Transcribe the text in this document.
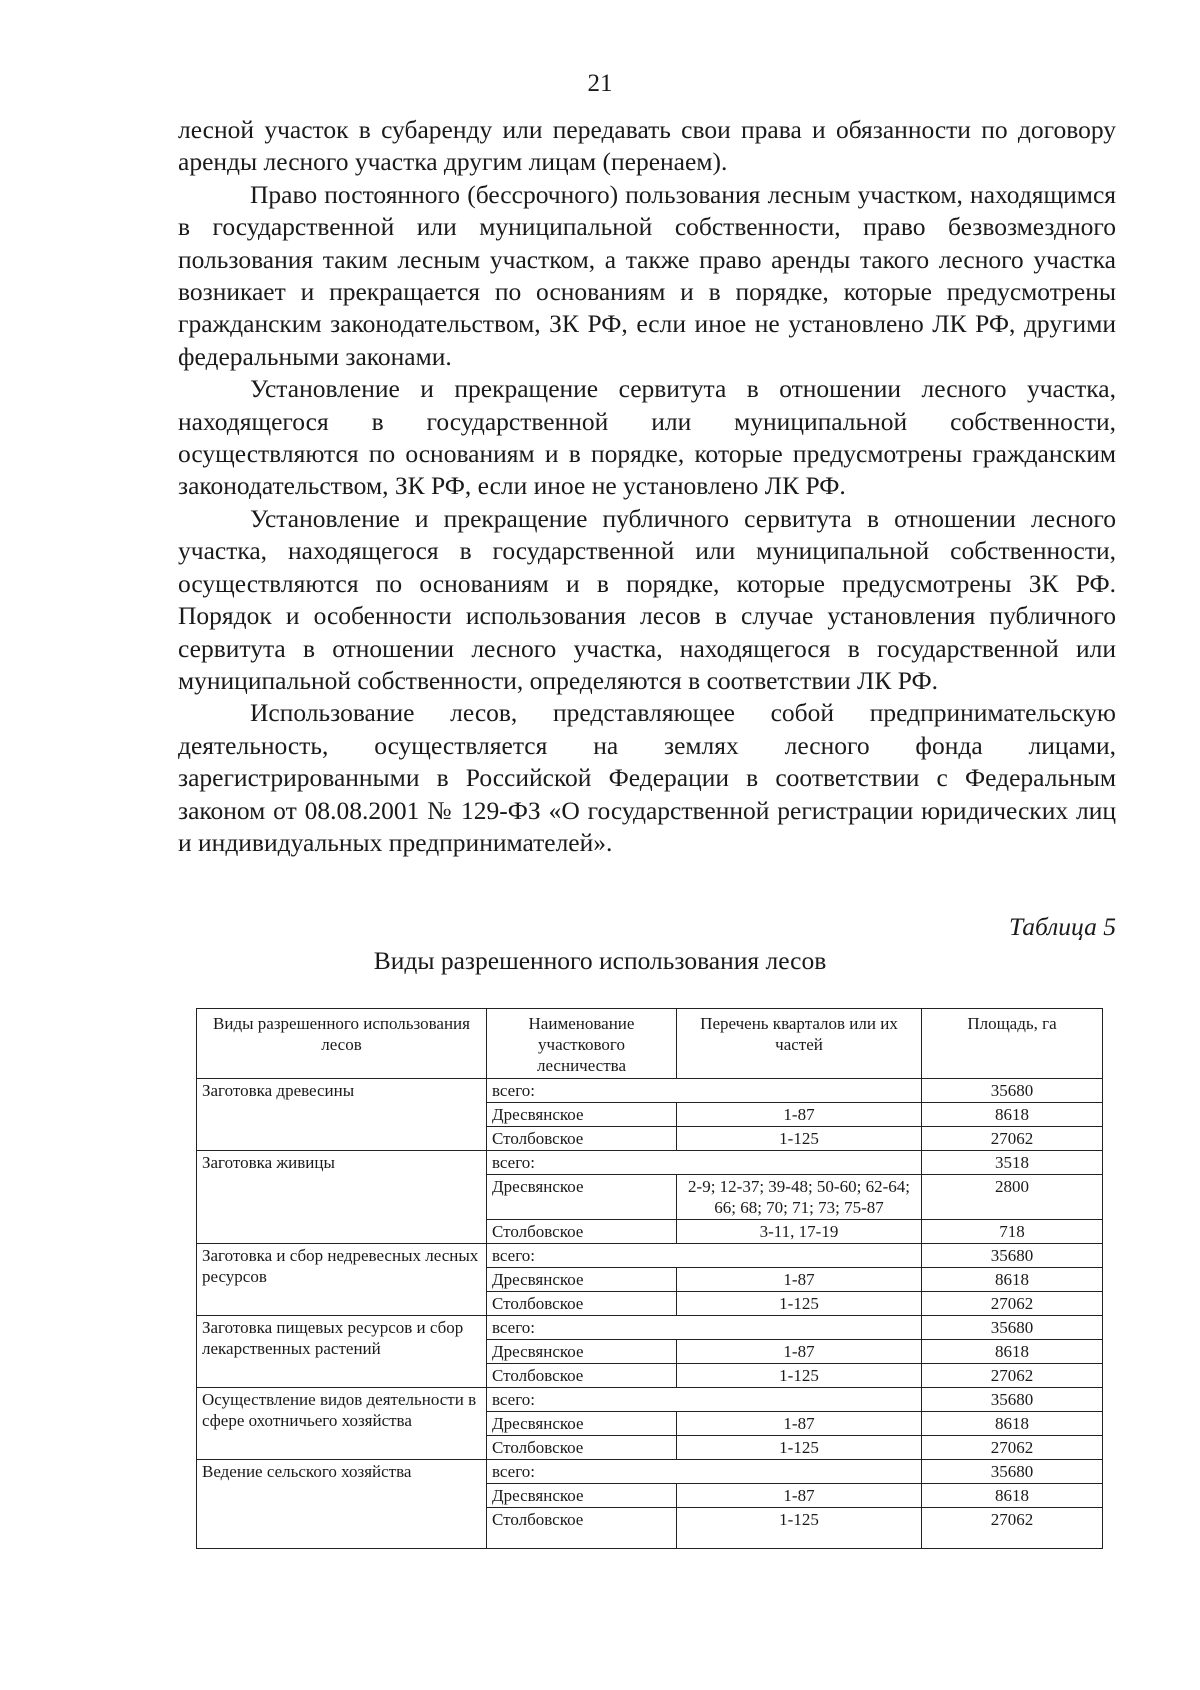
21

лесной участок в субаренду или передавать свои права и обязанности по договору аренды лесного участка другим лицам (перенаем).

Право постоянного (бессрочного) пользования лесным участком, находящимся в государственной или муниципальной собственности, право безвозмездного пользования таким лесным участком, а также право аренды такого лесного участка возникает и прекращается по основаниям и в порядке, которые предусмотрены гражданским законодательством, ЗК РФ, если иное не установлено ЛК РФ, другими федеральными законами.

Установление и прекращение сервитута в отношении лесного участка, находящегося в государственной или муниципальной собственности, осуществляются по основаниям и в порядке, которые предусмотрены гражданским законодательством, ЗК РФ, если иное не установлено ЛК РФ.

Установление и прекращение публичного сервитута в отношении лесного участка, находящегося в государственной или муниципальной собственности, осуществляются по основаниям и в порядке, которые предусмотрены ЗК РФ. Порядок и особенности использования лесов в случае установления публичного сервитута в отношении лесного участка, находящегося в государственной или муниципальной собственности, определяются в соответствии ЛК РФ.

Использование лесов, представляющее собой предпринимательскую деятельность, осуществляется на землях лесного фонда лицами, зарегистрированными в Российской Федерации в соответствии с Федеральным законом от 08.08.2001 № 129-ФЗ «О государственной регистрации юридических лиц и индивидуальных предпринимателей».

Таблица 5
Виды разрешенного использования лесов
Виды разрешенного использования лесов	Наименование участкового лесничества	Перечень кварталов или их частей	Площадь, га
Заготовка древесины	всего:		35680
	Дресвянское	1-87	8618
	Столбовское	1-125	27062
Заготовка живицы	всего:		3518
	Дресвянское	2-9; 12-37; 39-48; 50-60; 62-64; 66; 68; 70; 71; 73; 75-87	2800
	Столбовское	3-11, 17-19	718
Заготовка и сбор недревесных лесных ресурсов	всего:		35680
	Дресвянское	1-87	8618
	Столбовское	1-125	27062
Заготовка пищевых ресурсов и сбор лекарственных растений	всего:		35680
	Дресвянское	1-87	8618
	Столбовское	1-125	27062
Осуществление видов деятельности в сфере охотничьего хозяйства	всего:		35680
	Дресвянское	1-87	8618
	Столбовское	1-125	27062
Ведение сельского хозяйства	всего:		35680
	Дресвянское	1-87	8618
	Столбовское	1-125	27062
